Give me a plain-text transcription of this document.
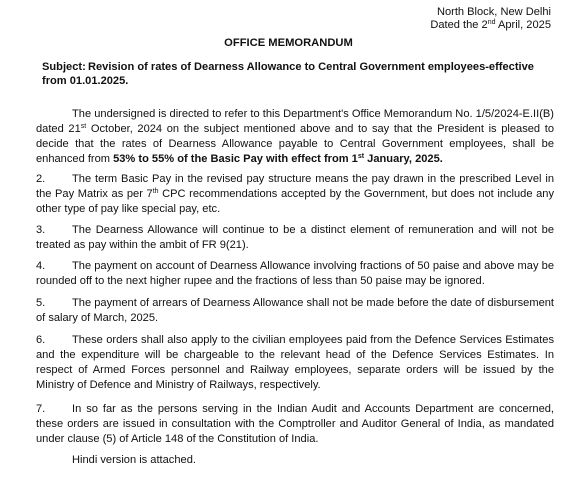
North Block, New Delhi
Dated the 2nd April, 2025
OFFICE MEMORANDUM
Subject: Revision of rates of Dearness Allowance to Central Government employees-effective from 01.01.2025.
The undersigned is directed to refer to this Department's Office Memorandum No. 1/5/2024-E.II(B) dated 21st October, 2024 on the subject mentioned above and to say that the President is pleased to decide that the rates of Dearness Allowance payable to Central Government employees, shall be enhanced from 53% to 55% of the Basic Pay with effect from 1st January, 2025.
2. The term Basic Pay in the revised pay structure means the pay drawn in the prescribed Level in the Pay Matrix as per 7th CPC recommendations accepted by the Government, but does not include any other type of pay like special pay, etc.
3. The Dearness Allowance will continue to be a distinct element of remuneration and will not be treated as pay within the ambit of FR 9(21).
4. The payment on account of Dearness Allowance involving fractions of 50 paise and above may be rounded off to the next higher rupee and the fractions of less than 50 paise may be ignored.
5. The payment of arrears of Dearness Allowance shall not be made before the date of disbursement of salary of March, 2025.
6. These orders shall also apply to the civilian employees paid from the Defence Services Estimates and the expenditure will be chargeable to the relevant head of the Defence Services Estimates. In respect of Armed Forces personnel and Railway employees, separate orders will be issued by the Ministry of Defence and Ministry of Railways, respectively.
7. In so far as the persons serving in the Indian Audit and Accounts Department are concerned, these orders are issued in consultation with the Comptroller and Auditor General of India, as mandated under clause (5) of Article 148 of the Constitution of India.
Hindi version is attached.
